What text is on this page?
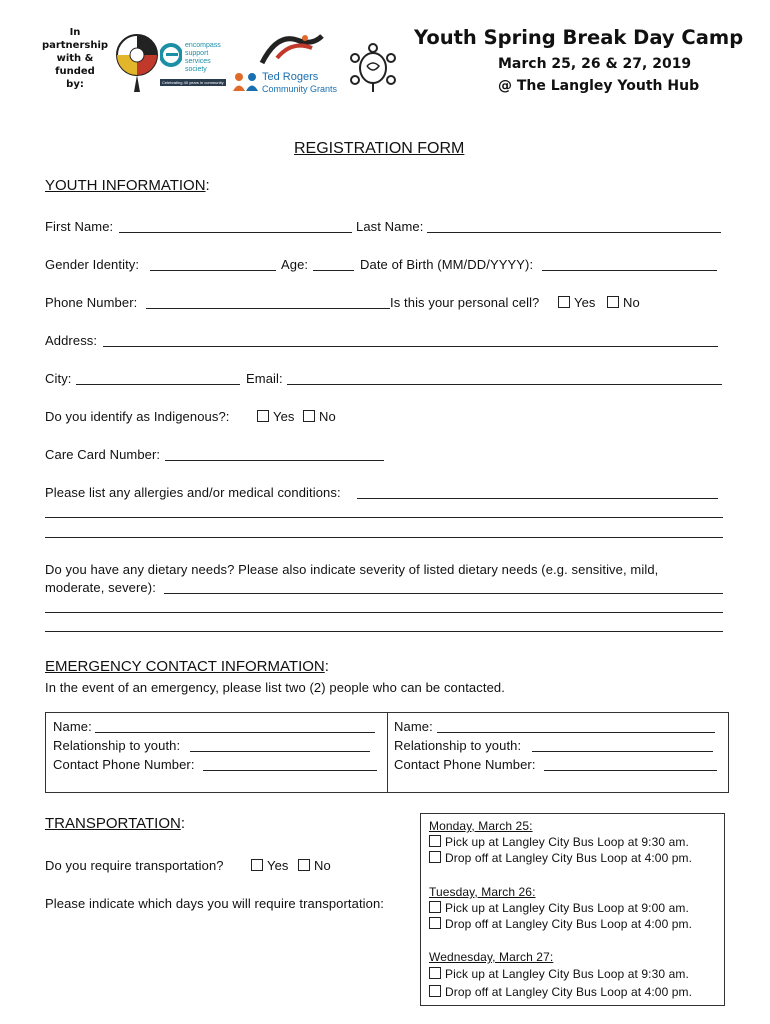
In partnership
with & funded
by:
encompass
support
services
society
Celebrating 40 years in community	Ted Rogers
Community Grants
Youth Spring Break Day Camp
March 25, 26 & 27, 2019
@ The Langley Youth Hub
REGISTRATION FORM
YOUTH INFORMATION:
First Name:	Last Name:
Gender Identity:	Age:	Date of Birth (MM/DD/YYYY):
Phone Number:	Is this your personal cell?	Yes	No
Address:
City:	Email:
Do you identify as Indigenous?:	Yes	No
Care Card Number:
Please list any allergies and/or medical conditions:
Do you have any dietary needs? Please also indicate severity of listed dietary needs (e.g. sensitive, mild,
moderate, severe):
EMERGENCY CONTACT INFORMATION:
In the event of an emergency, please list two (2) people who can be contacted.
Name:
Relationship to youth:
Contact Phone Number:
Name:
Relationship to youth:
Contact Phone Number:
TRANSPORTATION:
Do you require transportation?	Yes	No
Please indicate which days you will require transportation:
Monday, March 25:
Pick up at Langley City Bus Loop at 9:30 am.
Drop off at Langley City Bus Loop at 4:00 pm.
Tuesday, March 26:
Pick up at Langley City Bus Loop at 9:00 am.
Drop off at Langley City Bus Loop at 4:00 pm.
Wednesday, March 27:
Pick up at Langley City Bus Loop at 9:30 am.
Drop off at Langley City Bus Loop at 4:00 pm.
